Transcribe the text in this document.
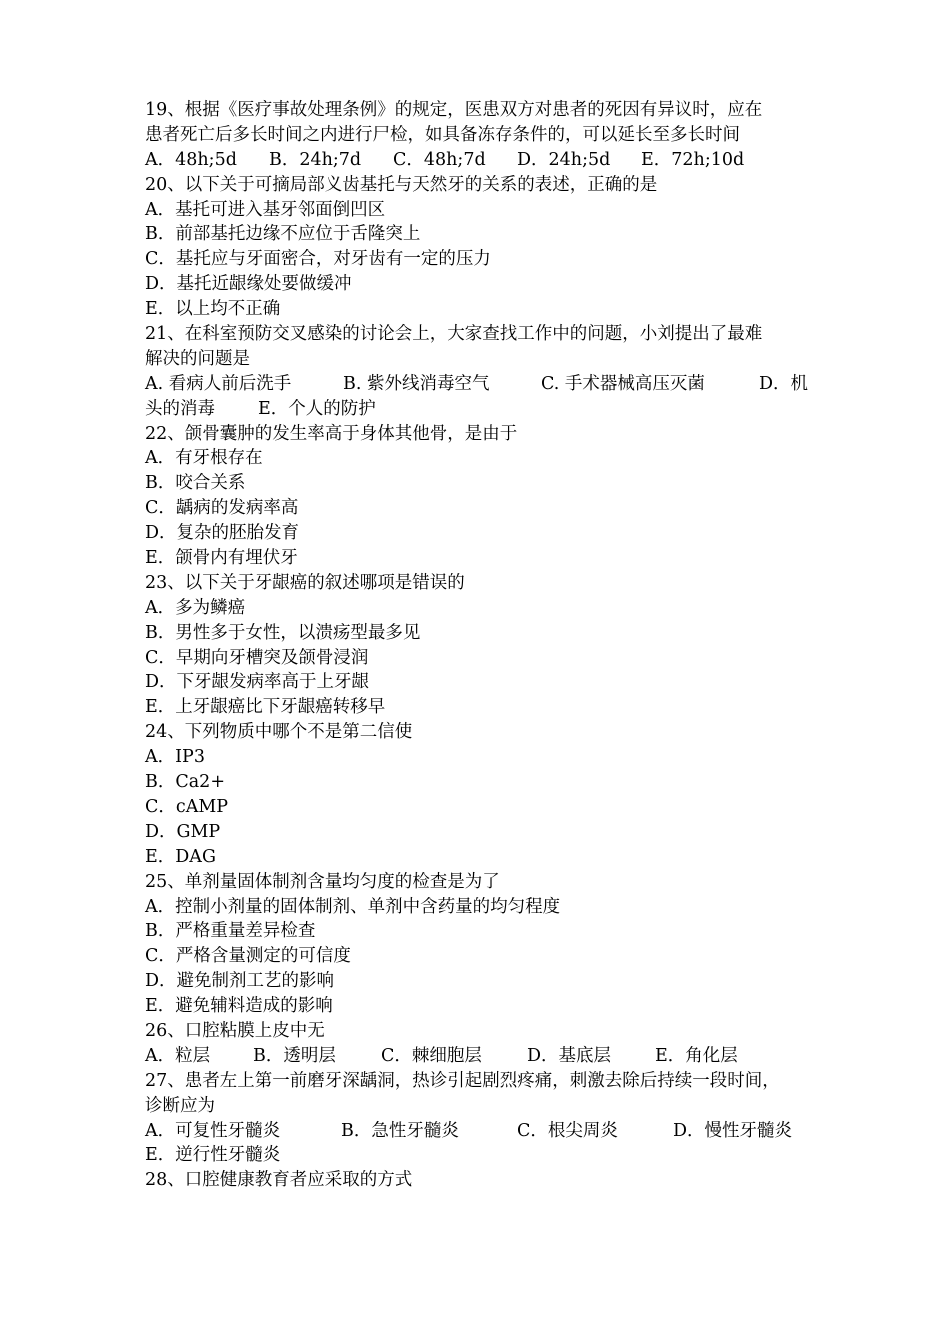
19、根据《医疗事故处理条例》的规定，医患双方对患者的死因有异议时，应在
患者死亡后多长时间之内进行尸检，如具备冻存条件的，可以延长至多长时间
A．48h;5d	B．24h;7d	C．48h;7d	D．24h;5d	E．72h;10d
20、以下关于可摘局部义齿基托与天然牙的关系的表述，正确的是
A．基托可进入基牙邻面倒凹区
B．前部基托边缘不应位于舌隆突上
C．基托应与牙面密合，对牙齿有一定的压力
D．基托近龈缘处要做缓冲
E．以上均不正确
21、在科室预防交叉感染的讨论会上，大家查找工作中的问题，小刘提出了最难
解决的问题是
A. 看病人前后洗手	B. 紫外线消毒空气	C. 手术器械高压灭菌	D．机
头的消毒	E．个人的防护
22、颌骨囊肿的发生率高于身体其他骨，是由于
A．有牙根存在
B．咬合关系
C．龋病的发病率高
D．复杂的胚胎发育
E．颌骨内有埋伏牙
23、以下关于牙龈癌的叙述哪项是错误的
A．多为鳞癌
B．男性多于女性，以溃疡型最多见
C．早期向牙槽突及颌骨浸润
D．下牙龈发病率高于上牙龈
E．上牙龈癌比下牙龈癌转移早
24、下列物质中哪个不是第二信使
A．IP3
B．Ca2+
C．cAMP
D．GMP
E．DAG
25、单剂量固体制剂含量均匀度的检查是为了
A．控制小剂量的固体制剂、单剂中含药量的均匀程度
B．严格重量差异检查
C．严格含量测定的可信度
D．避免制剂工艺的影响
E．避免辅料造成的影响
26、口腔粘膜上皮中无
A．粒层	B．透明层	C．棘细胞层	D．基底层	E．角化层
27、患者左上第一前磨牙深龋洞，热诊引起剧烈疼痛，刺激去除后持续一段时间，
诊断应为
A．可复性牙髓炎	B．急性牙髓炎	C．根尖周炎	D．慢性牙髓炎
E．逆行性牙髓炎
28、口腔健康教育者应采取的方式
